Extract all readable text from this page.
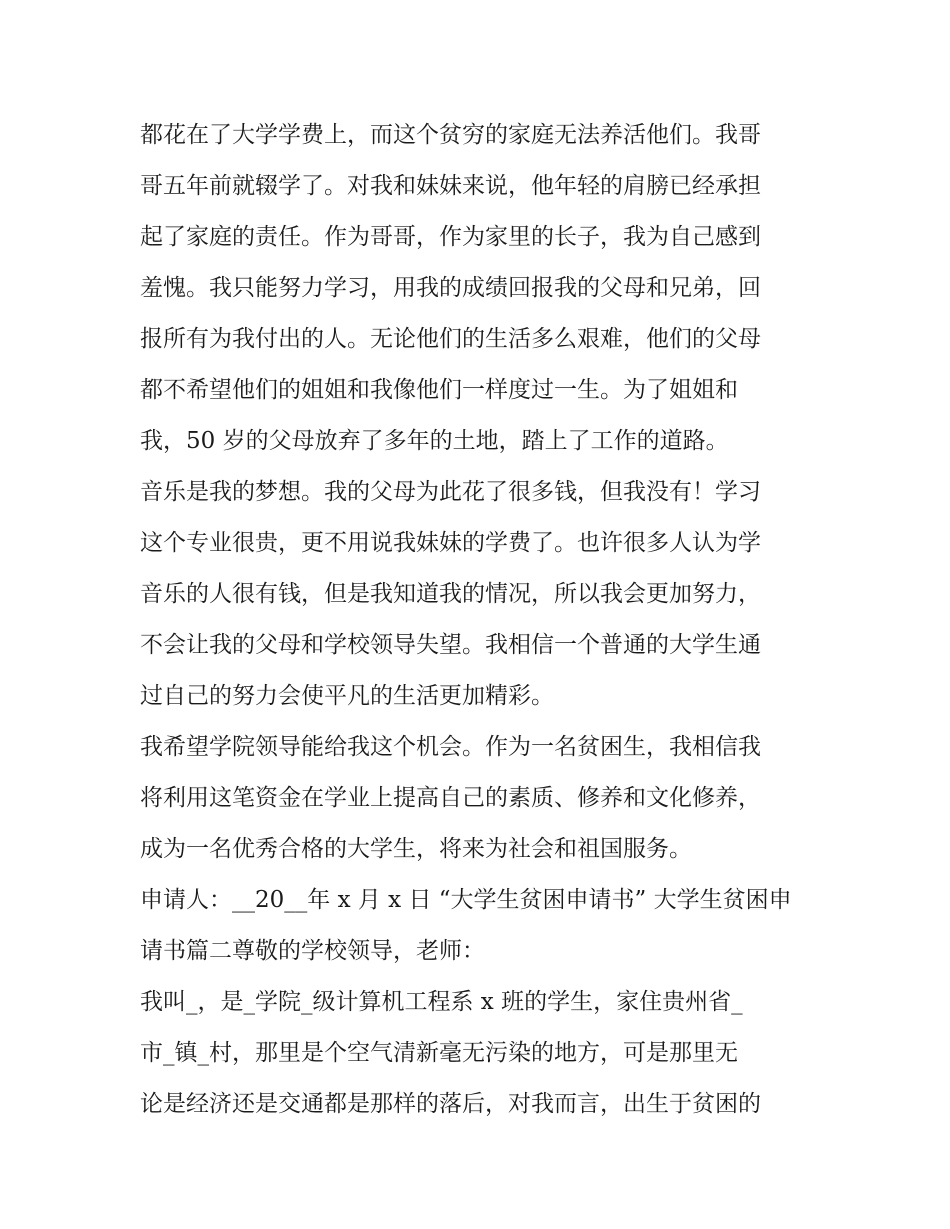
都花在了大学学费上，而这个贫穷的家庭无法养活他们。我哥
哥五年前就辍学了。对我和妹妹来说，他年轻的肩膀已经承担
起了家庭的责任。作为哥哥，作为家里的长子，我为自己感到
羞愧。我只能努力学习，用我的成绩回报我的父母和兄弟，回
报所有为我付出的人。无论他们的生活多么艰难，他们的父母
都不希望他们的姐姐和我像他们一样度过一生。为了姐姐和
我，50 岁的父母放弃了多年的土地，踏上了工作的道路。
音乐是我的梦想。我的父母为此花了很多钱，但我没有！学习
这个专业很贵，更不用说我妹妹的学费了。也许很多人认为学
音乐的人很有钱，但是我知道我的情况，所以我会更加努力，
不会让我的父母和学校领导失望。我相信一个普通的大学生通
过自己的努力会使平凡的生活更加精彩。
我希望学院领导能给我这个机会。作为一名贫困生，我相信我
将利用这笔资金在学业上提高自己的素质、修养和文化修养，
成为一名优秀合格的大学生，将来为社会和祖国服务。
申请人：__20__年 x 月 x 日 “大学生贫困申请书” 大学生贫困申
请书篇二尊敬的学校领导，老师：
我叫_，是_学院_级计算机工程系 x 班的学生，家住贵州省_
市_镇_村，那里是个空气清新毫无污染的地方，可是那里无
论是经济还是交通都是那样的落后，对我而言，出生于贫困的
